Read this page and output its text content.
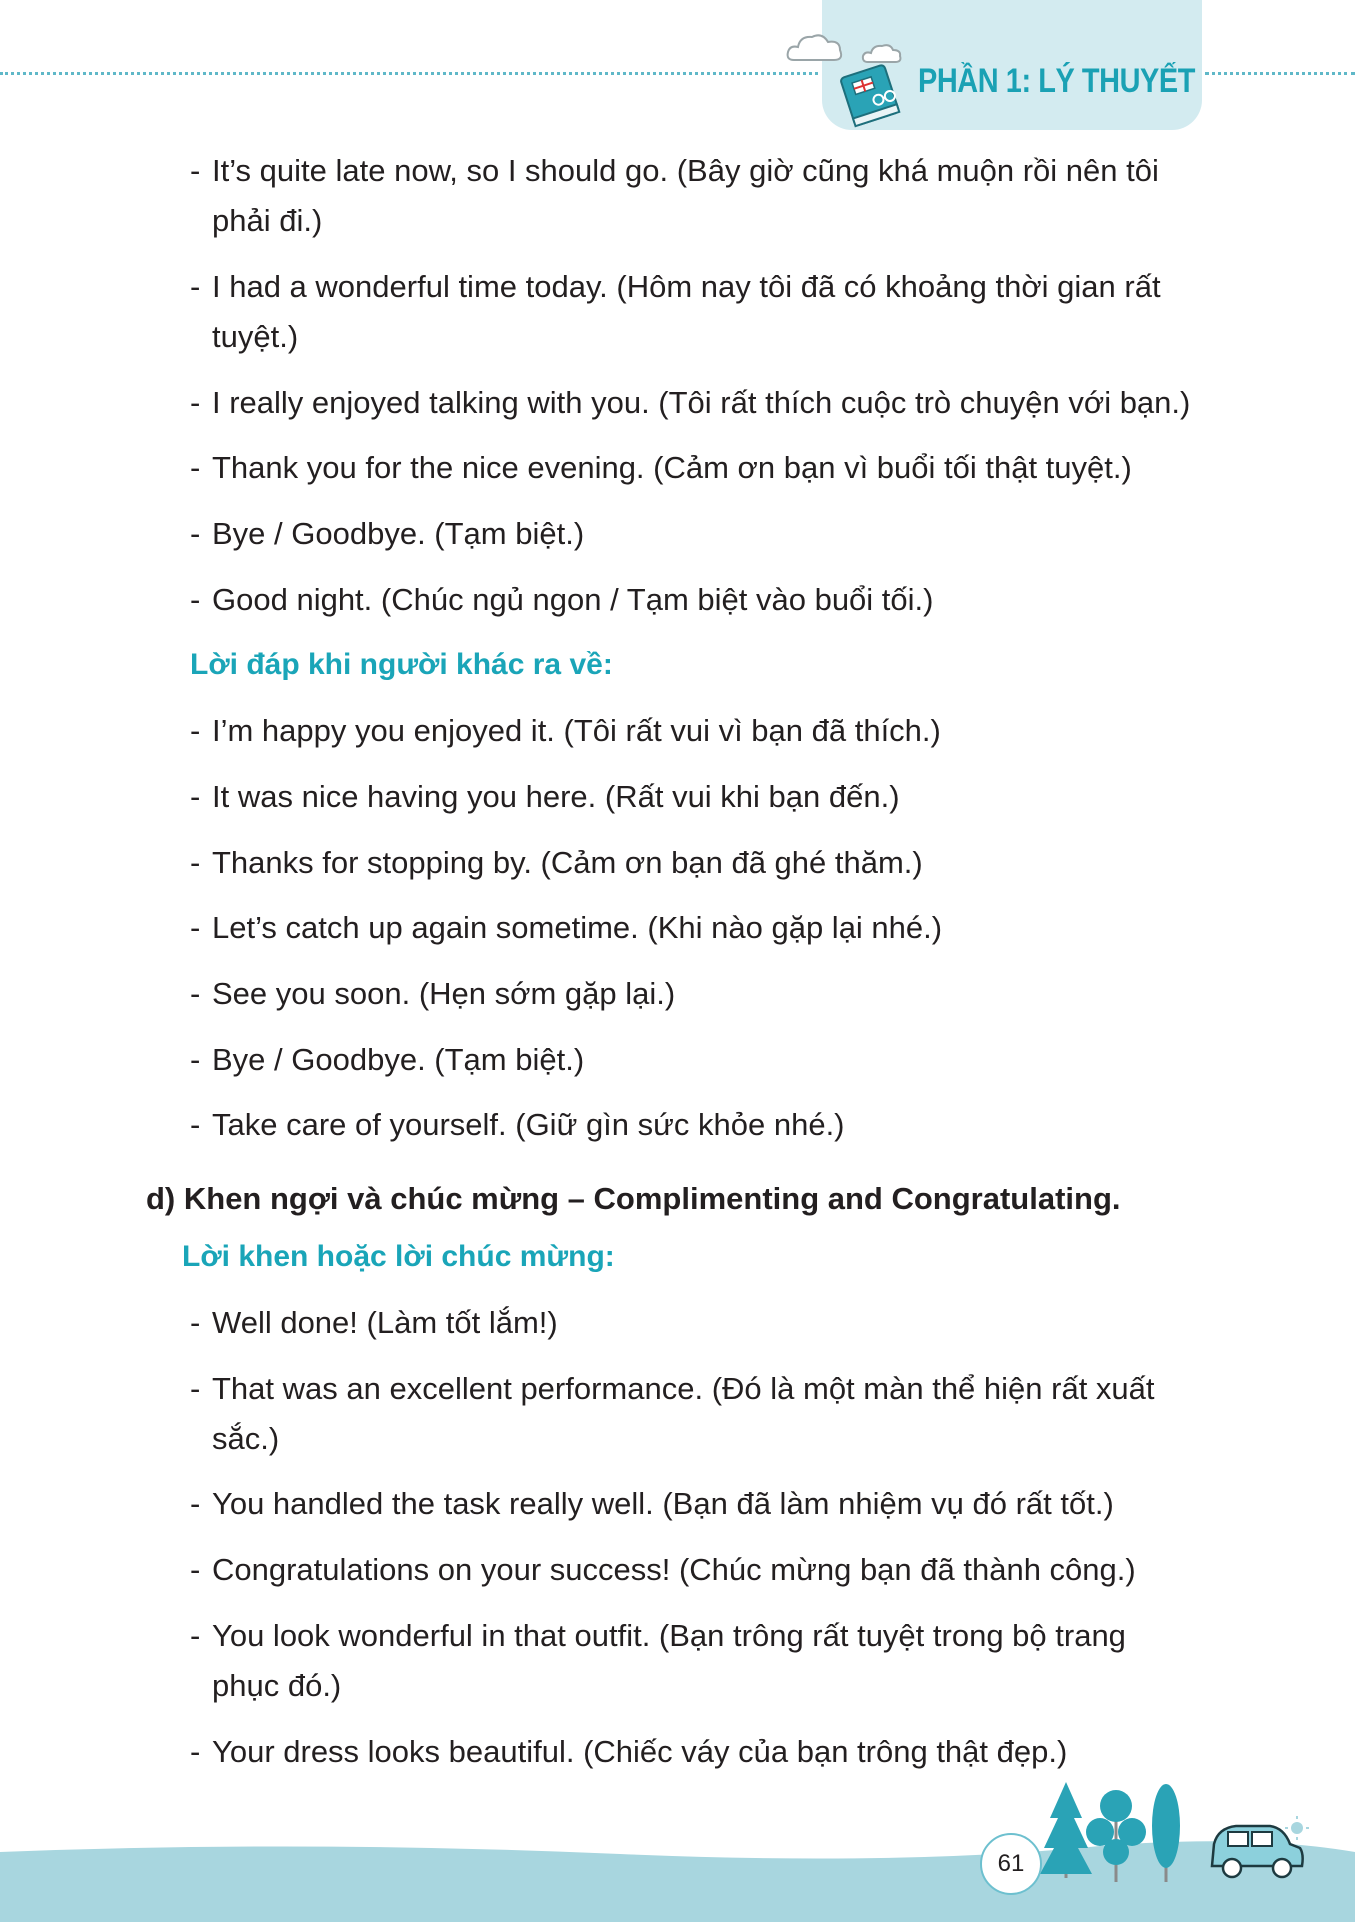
PHẦN 1: LÝ THUYẾT
- It’s quite late now, so I should go. (Bây giờ cũng khá muộn rồi nên tôi
phải đi.)
- I had a wonderful time today. (Hôm nay tôi đã có khoảng thời gian rất
tuyệt.)
- I really enjoyed talking with you. (Tôi rất thích cuộc trò chuyện với bạn.)
- Thank you for the nice evening. (Cảm ơn bạn vì buổi tối thật tuyệt.)
- Bye / Goodbye. (Tạm biệt.)
- Good night. (Chúc ngủ ngon / Tạm biệt vào buổi tối.)
Lời đáp khi người khác ra về:
- I’m happy you enjoyed it. (Tôi rất vui vì bạn đã thích.)
- It was nice having you here. (Rất vui khi bạn đến.)
- Thanks for stopping by. (Cảm ơn bạn đã ghé thăm.)
- Let’s catch up again sometime. (Khi nào gặp lại nhé.)
- See you soon. (Hẹn sớm gặp lại.)
- Bye / Goodbye. (Tạm biệt.)
- Take care of yourself. (Giữ gìn sức khỏe nhé.)
d) Khen ngợi và chúc mừng – Complimenting and Congratulating.
Lời khen hoặc lời chúc mừng:
- Well done! (Làm tốt lắm!)
- That was an excellent performance. (Đó là một màn thể hiện rất xuất
sắc.)
- You handled the task really well. (Bạn đã làm nhiệm vụ đó rất tốt.)
- Congratulations on your success! (Chúc mừng bạn đã thành công.)
- You look wonderful in that outfit. (Bạn trông rất tuyệt trong bộ trang
phục đó.)
- Your dress looks beautiful. (Chiếc váy của bạn trông thật đẹp.)
61
